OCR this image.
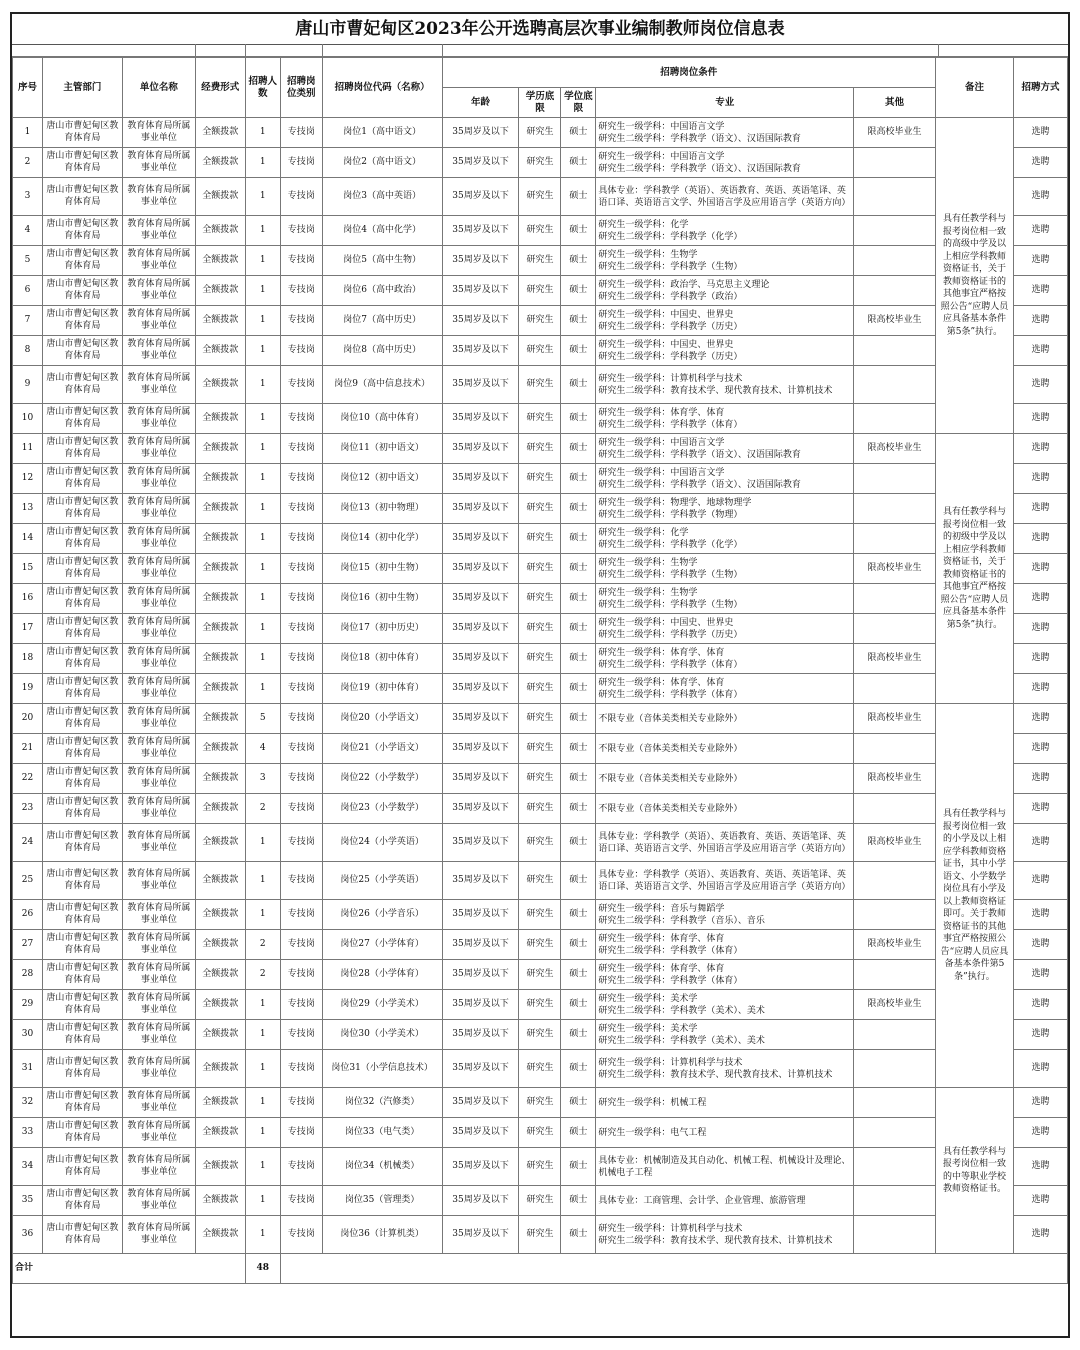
唐山市曹妃甸区2023年公开选聘高层次事业编制教师岗位信息表
序号	主管部门	单位名称	经费形式	招聘人数	招聘岗位类别	招聘岗位代码（名称）	招聘岗位条件					备注	招聘方式
							年龄	学历底限	学位底限	专业	其他		
1	唐山市曹妃甸区教育体育局	教育体育局所属事业单位	全额拨款	1	专技岗	岗位1（高中语文）	35周岁及以下	研究生	硕士	研究生一级学科：中国语言文学
研究生二级学科：学科教学（语文）、汉语国际教育	限高校毕业生	具有任教学科与报考岗位相一致的高级中学及以上相应学科教师资格证书，关于教师资格证书的其他事宜严格按照公告“应聘人员应具备基本条件第5条”执行。	选聘
2	唐山市曹妃甸区教育体育局	教育体育局所属事业单位	全额拨款	1	专技岗	岗位2（高中语文）	35周岁及以下	研究生	硕士	研究生一级学科：中国语言文学
研究生二级学科：学科教学（语文）、汉语国际教育			选聘
3	唐山市曹妃甸区教育体育局	教育体育局所属事业单位	全额拨款	1	专技岗	岗位3（高中英语）	35周岁及以下	研究生	硕士	具体专业：学科教学（英语）、英语教育、英语、英语笔译、英语口译、英语语言文学、外国语言学及应用语言学（英语方向）			选聘
4	唐山市曹妃甸区教育体育局	教育体育局所属事业单位	全额拨款	1	专技岗	岗位4（高中化学）	35周岁及以下	研究生	硕士	研究生一级学科：化学
研究生二级学科：学科教学（化学）			选聘
5	唐山市曹妃甸区教育体育局	教育体育局所属事业单位	全额拨款	1	专技岗	岗位5（高中生物）	35周岁及以下	研究生	硕士	研究生一级学科：生物学
研究生二级学科：学科教学（生物）			选聘
6	唐山市曹妃甸区教育体育局	教育体育局所属事业单位	全额拨款	1	专技岗	岗位6（高中政治）	35周岁及以下	研究生	硕士	研究生一级学科：政治学、马克思主义理论
研究生二级学科：学科教学（政治）			选聘
7	唐山市曹妃甸区教育体育局	教育体育局所属事业单位	全额拨款	1	专技岗	岗位7（高中历史）	35周岁及以下	研究生	硕士	研究生一级学科：中国史、世界史
研究生二级学科：学科教学（历史）	限高校毕业生		选聘
8	唐山市曹妃甸区教育体育局	教育体育局所属事业单位	全额拨款	1	专技岗	岗位8（高中历史）	35周岁及以下	研究生	硕士	研究生一级学科：中国史、世界史
研究生二级学科：学科教学（历史）			选聘
9	唐山市曹妃甸区教育体育局	教育体育局所属事业单位	全额拨款	1	专技岗	岗位9（高中信息技术）	35周岁及以下	研究生	硕士	研究生一级学科：计算机科学与技术
研究生二级学科：教育技术学、现代教育技术、计算机技术			选聘
10	唐山市曹妃甸区教育体育局	教育体育局所属事业单位	全额拨款	1	专技岗	岗位10（高中体育）	35周岁及以下	研究生	硕士	研究生一级学科：体育学、体育
研究生二级学科：学科教学（体育）			选聘
11	唐山市曹妃甸区教育体育局	教育体育局所属事业单位	全额拨款	1	专技岗	岗位11（初中语文）	35周岁及以下	研究生	硕士	研究生一级学科：中国语言文学
研究生二级学科：学科教学（语文）、汉语国际教育	限高校毕业生	具有任教学科与报考岗位相一致的初级中学及以上相应学科教师资格证书，关于教师资格证书的其他事宜严格按照公告“应聘人员应具备基本条件第5条”执行。	选聘
12	唐山市曹妃甸区教育体育局	教育体育局所属事业单位	全额拨款	1	专技岗	岗位12（初中语文）	35周岁及以下	研究生	硕士	研究生一级学科：中国语言文学
研究生二级学科：学科教学（语文）、汉语国际教育			选聘
13	唐山市曹妃甸区教育体育局	教育体育局所属事业单位	全额拨款	1	专技岗	岗位13（初中物理）	35周岁及以下	研究生	硕士	研究生一级学科：物理学、地球物理学
研究生二级学科：学科教学（物理）			选聘
14	唐山市曹妃甸区教育体育局	教育体育局所属事业单位	全额拨款	1	专技岗	岗位14（初中化学）	35周岁及以下	研究生	硕士	研究生一级学科：化学
研究生二级学科：学科教学（化学）			选聘
15	唐山市曹妃甸区教育体育局	教育体育局所属事业单位	全额拨款	1	专技岗	岗位15（初中生物）	35周岁及以下	研究生	硕士	研究生一级学科：生物学
研究生二级学科：学科教学（生物）	限高校毕业生		选聘
16	唐山市曹妃甸区教育体育局	教育体育局所属事业单位	全额拨款	1	专技岗	岗位16（初中生物）	35周岁及以下	研究生	硕士	研究生一级学科：生物学
研究生二级学科：学科教学（生物）			选聘
17	唐山市曹妃甸区教育体育局	教育体育局所属事业单位	全额拨款	1	专技岗	岗位17（初中历史）	35周岁及以下	研究生	硕士	研究生一级学科：中国史、世界史
研究生二级学科：学科教学（历史）			选聘
18	唐山市曹妃甸区教育体育局	教育体育局所属事业单位	全额拨款	1	专技岗	岗位18（初中体育）	35周岁及以下	研究生	硕士	研究生一级学科：体育学、体育
研究生二级学科：学科教学（体育）	限高校毕业生		选聘
19	唐山市曹妃甸区教育体育局	教育体育局所属事业单位	全额拨款	1	专技岗	岗位19（初中体育）	35周岁及以下	研究生	硕士	研究生一级学科：体育学、体育
研究生二级学科：学科教学（体育）			选聘
20	唐山市曹妃甸区教育体育局	教育体育局所属事业单位	全额拨款	5	专技岗	岗位20（小学语文）	35周岁及以下	研究生	硕士	不限专业（音体美类相关专业除外）	限高校毕业生	具有任教学科与报考岗位相一致的小学及以上相应学科教师资格证书，其中小学语文、小学数学岗位具有小学及以上教师资格证即可。关于教师资格证书的其他事宜严格按照公告“应聘人员应具备基本条件第5条”执行。	选聘
21	唐山市曹妃甸区教育体育局	教育体育局所属事业单位	全额拨款	4	专技岗	岗位21（小学语文）	35周岁及以下	研究生	硕士	不限专业（音体美类相关专业除外）			选聘
22	唐山市曹妃甸区教育体育局	教育体育局所属事业单位	全额拨款	3	专技岗	岗位22（小学数学）	35周岁及以下	研究生	硕士	不限专业（音体美类相关专业除外）	限高校毕业生		选聘
23	唐山市曹妃甸区教育体育局	教育体育局所属事业单位	全额拨款	2	专技岗	岗位23（小学数学）	35周岁及以下	研究生	硕士	不限专业（音体美类相关专业除外）			选聘
24	唐山市曹妃甸区教育体育局	教育体育局所属事业单位	全额拨款	1	专技岗	岗位24（小学英语）	35周岁及以下	研究生	硕士	具体专业：学科教学（英语）、英语教育、英语、英语笔译、英语口译、英语语言文学、外国语言学及应用语言学（英语方向）	限高校毕业生		选聘
25	唐山市曹妃甸区教育体育局	教育体育局所属事业单位	全额拨款	1	专技岗	岗位25（小学英语）	35周岁及以下	研究生	硕士	具体专业：学科教学（英语）、英语教育、英语、英语笔译、英语口译、英语语言文学、外国语言学及应用语言学（英语方向）			选聘
26	唐山市曹妃甸区教育体育局	教育体育局所属事业单位	全额拨款	1	专技岗	岗位26（小学音乐）	35周岁及以下	研究生	硕士	研究生一级学科：音乐与舞蹈学
研究生二级学科：学科教学（音乐）、音乐			选聘
27	唐山市曹妃甸区教育体育局	教育体育局所属事业单位	全额拨款	2	专技岗	岗位27（小学体育）	35周岁及以下	研究生	硕士	研究生一级学科：体育学、体育
研究生二级学科：学科教学（体育）	限高校毕业生		选聘
28	唐山市曹妃甸区教育体育局	教育体育局所属事业单位	全额拨款	2	专技岗	岗位28（小学体育）	35周岁及以下	研究生	硕士	研究生一级学科：体育学、体育
研究生二级学科：学科教学（体育）			选聘
29	唐山市曹妃甸区教育体育局	教育体育局所属事业单位	全额拨款	1	专技岗	岗位29（小学美术）	35周岁及以下	研究生	硕士	研究生一级学科：美术学
研究生二级学科：学科教学（美术）、美术	限高校毕业生		选聘
30	唐山市曹妃甸区教育体育局	教育体育局所属事业单位	全额拨款	1	专技岗	岗位30（小学美术）	35周岁及以下	研究生	硕士	研究生一级学科：美术学
研究生二级学科：学科教学（美术）、美术			选聘
31	唐山市曹妃甸区教育体育局	教育体育局所属事业单位	全额拨款	1	专技岗	岗位31（小学信息技术）	35周岁及以下	研究生	硕士	研究生一级学科：计算机科学与技术
研究生二级学科：教育技术学、现代教育技术、计算机技术			选聘
32	唐山市曹妃甸区教育体育局	教育体育局所属事业单位	全额拨款	1	专技岗	岗位32（汽修类）	35周岁及以下	研究生	硕士	研究生一级学科：机械工程		具有任教学科与报考岗位相一致的中等职业学校教师资格证书。	选聘
33	唐山市曹妃甸区教育体育局	教育体育局所属事业单位	全额拨款	1	专技岗	岗位33（电气类）	35周岁及以下	研究生	硕士	研究生一级学科：电气工程			选聘
34	唐山市曹妃甸区教育体育局	教育体育局所属事业单位	全额拨款	1	专技岗	岗位34（机械类）	35周岁及以下	研究生	硕士	具体专业：机械制造及其自动化、机械工程、机械设计及理论、机械电子工程			选聘
35	唐山市曹妃甸区教育体育局	教育体育局所属事业单位	全额拨款	1	专技岗	岗位35（管理类）	35周岁及以下	研究生	硕士	具体专业：工商管理、会计学、企业管理、旅游管理			选聘
36	唐山市曹妃甸区教育体育局	教育体育局所属事业单位	全额拨款	1	专技岗	岗位36（计算机类）	35周岁及以下	研究生	硕士	研究生一级学科：计算机科学与技术
研究生二级学科：教育技术学、现代教育技术、计算机技术			选聘
合计				48									
